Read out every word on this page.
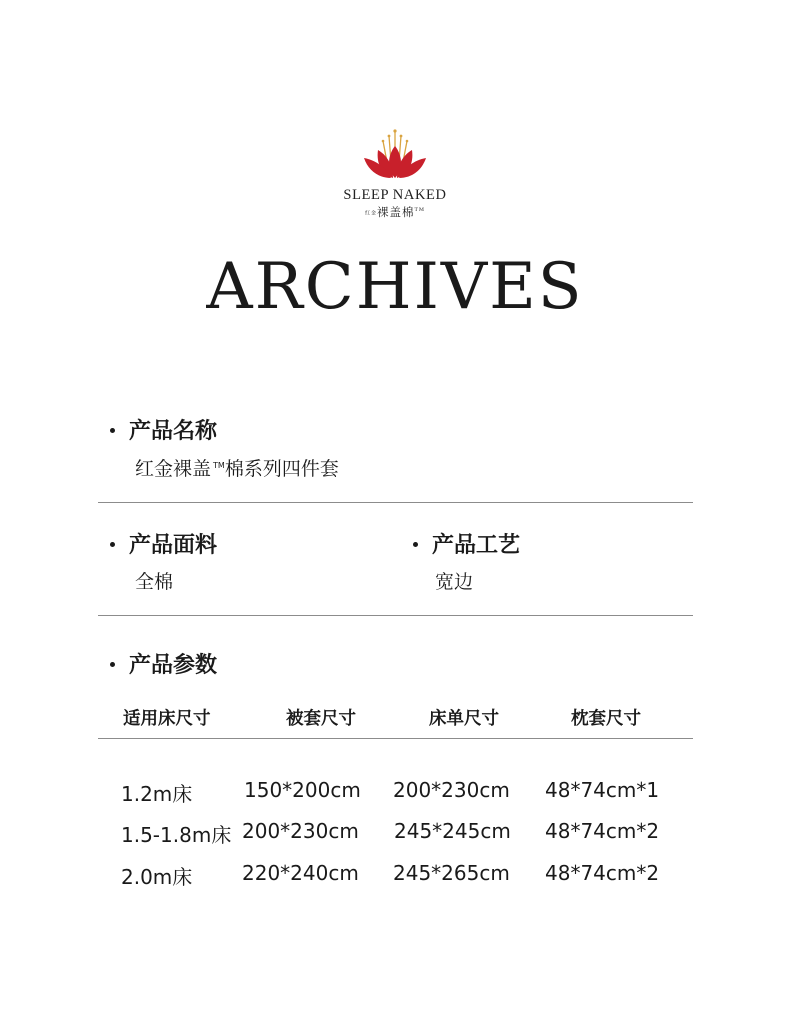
SLEEP NAKED
红金裸盖棉™
ARCHIVES
产品名称
红金裸盖 ™棉系列四件套
产品面料
全棉
产品工艺
宽边
产品参数
适用床尺寸	被套尺寸	床单尺寸	枕套尺寸
1.2m床	150*200cm 200*230cm 48*74cm*1
1.5-1.8m床 200*230cm 245*245cm 48*74cm*2
2.0m床 220*240cm 245*265cm 48*74cm*2
